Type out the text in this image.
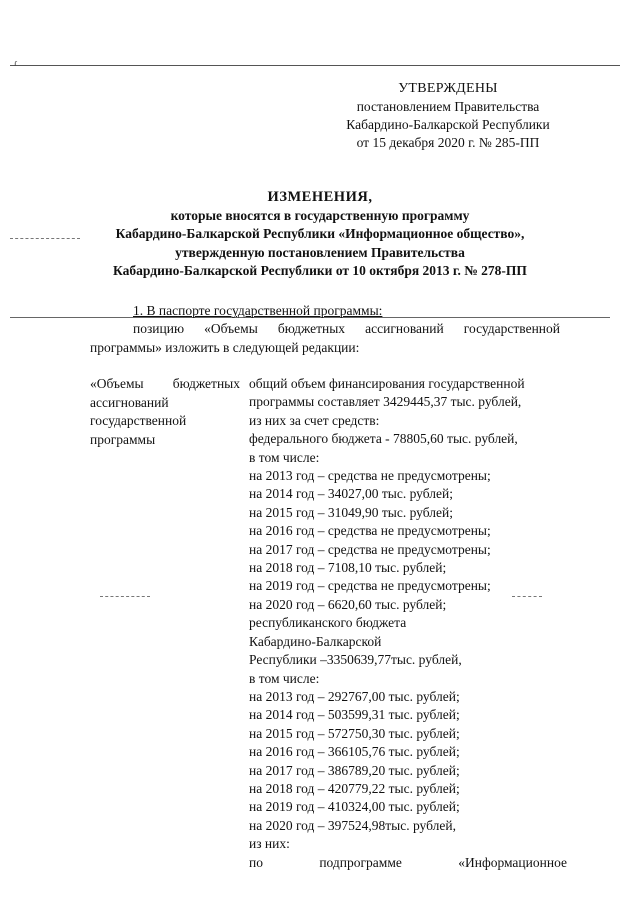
ɾ
УТВЕРЖДЕНЫ
постановлением Правительства
Кабардино-Балкарской Республики
от 15 декабря 2020 г. № 285-ПП
ИЗМЕНЕНИЯ,
которые вносятся в государственную программу
Кабардино-Балкарской Республики «Информационное общество»,
утвержденную постановлением Правительства
Кабардино-Балкарской Республики от 10 октября 2013 г. № 278-ПП
1. В паспорте государственной программы:
позицию «Объемы бюджетных ассигнований государственной
программы» изложить в следующей редакции:
«Объемы бюджетных
ассигнований
государственной
программы
общий объем финансирования государственной
программы составляет 3429445,37 тыс. рублей,
из них за счет средств:
федерального бюджета - 78805,60 тыс. рублей,
в том числе:
на 2013 год – средства не предусмотрены;
на 2014 год – 34027,00 тыс. рублей;
на 2015 год – 31049,90 тыс. рублей;
на 2016 год – средства не предусмотрены;
на 2017 год – средства не предусмотрены;
на 2018 год – 7108,10 тыс. рублей;
на 2019 год – средства не предусмотрены;
на 2020 год – 6620,60 тыс. рублей;
республиканского бюджета
Кабардино-Балкарской
Республики –3350639,77тыс. рублей,
в том числе:
на 2013 год – 292767,00 тыс. рублей;
на 2014 год – 503599,31 тыс. рублей;
на 2015 год – 572750,30 тыс. рублей;
на 2016 год – 366105,76 тыс. рублей;
на 2017 год – 386789,20 тыс. рублей;
на 2018 год – 420779,22 тыс. рублей;
на 2019 год – 410324,00 тыс. рублей;
на 2020 год – 397524,98тыс. рублей,
из них:
по	подпрограмме	«Информационное
